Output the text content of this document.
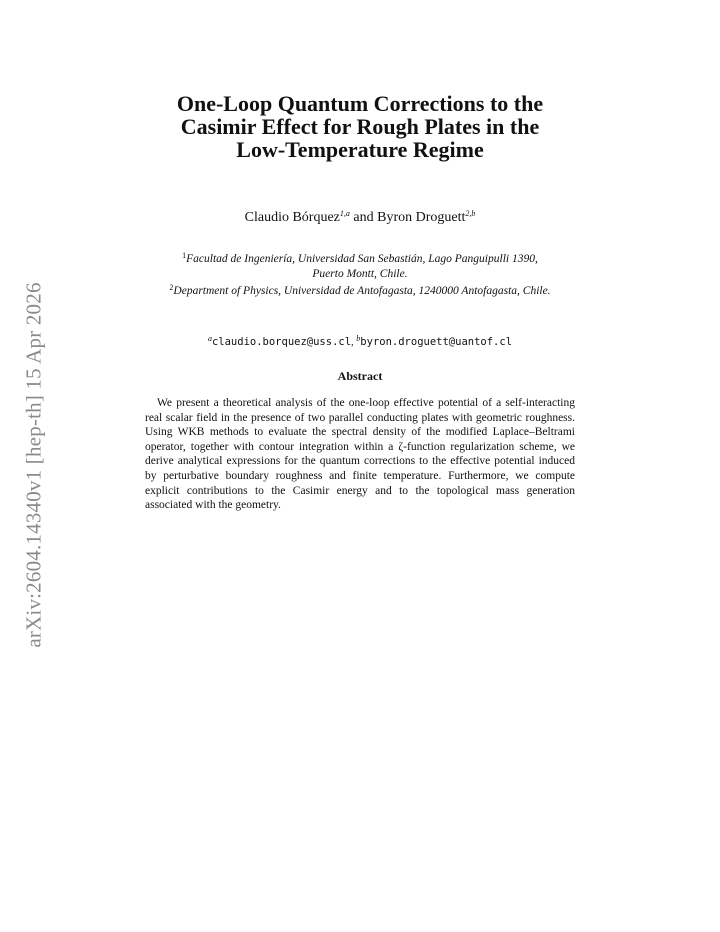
arXiv:2604.14340v1 [hep-th] 15 Apr 2026
One-Loop Quantum Corrections to the
Casimir Effect for Rough Plates in the
Low-Temperature Regime
Claudio Bórquez$^{1,a}$ and Byron Droguett$^{2,b}$
$^1$Facultad de Ingeniería, Universidad San Sebastián, Lago Panguipulli 1390,
Puerto Montt, Chile.
$^2$Department of Physics, Universidad de Antofagasta, 1240000 Antofagasta, Chile.
$^a$claudio.borquez@uss.cl, $^b$byron.droguett@uantof.cl
Abstract

We present a theoretical analysis of the one-loop effective potential of a self-interacting real scalar field in the presence of two parallel conducting plates with geometric roughness. Using WKB methods to evaluate the spectral density of the modified Laplace–Beltrami operator, together with contour integration within a ζ-function regularization scheme, we derive analytical expressions for the quantum corrections to the effective potential induced by perturbative boundary roughness and finite temperature. Furthermore, we compute explicit contributions to the Casimir energy and to the topological mass generation associated with the geometry.
